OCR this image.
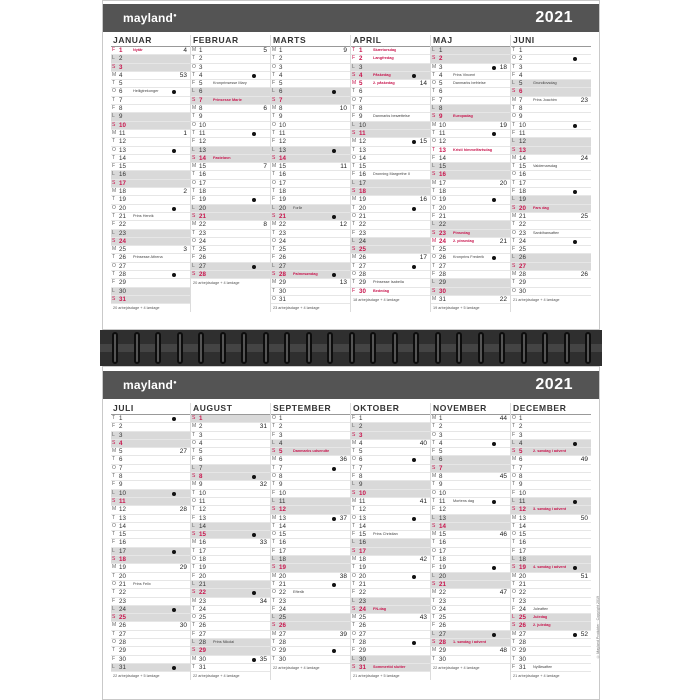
mayland●	2021
JANUAR
F 1	Nytår	4
L 2
S 3
M 4	53
T 5
O 6	Helligtrekonger
T 7
F 8
L 9
S 10
M 11	1
T 12
O 13
T 14
F 15
L 16
S 17
M 18	2
T 19
O 20
T 21 Prins Henrik
F 22
L 23
S 24
M 25	3
T 26 Prinsesse Athena
O 27
T 28
F 29
L 30
S 31
20 arbejdsdage + 4 lørdage
FEBRUAR
M 1	5
T 2
O 3
T 4
F 5	Kronprinsesse Mary
L 6
S 7	Prinsesse Marie
M 8	6
T 9
O 10
T 11
F 12
L 13
S 14 Fastelavn
M 15	7
T 16
O 17
T 18
F 19
L 20
S 21
M 22	8
T 23
O 24
T 25
F 26
L 27
S 28
20 arbejdsdage + 4 lørdage
MARTS
M 1	9
T 2
O 3
T 4
F 5
L 6
S 7
M 8	10
T 9
O 10
T 11
F 12
L 13
S 14
M 15	11
T 16
O 17
T 18
F 19
L 20 Forår
S 21
M 22	12
T 23
O 24
T 25
F 26
L 27
S 28 Palmesøndag
M 29	13
T 30
O 31
23 arbejdsdage + 4 lørdage
APRIL
T 1	Skærtorsdag
F 2	Langfredag
L 3
S 4	Påskedag
M 5	2. påskedag	14
T 6
O 7
T 8
F 9	Danmarks besættelse
L 10
S 11
M 12	15
T 13
O 14
T 15
F 16 Dronning Margrethe II
L 17
S 18
M 19	16
T 20
O 21
T 22
F 23
L 24
S 25
M 26	17
T 27
O 28
T 29 Prinsesse Isabella
F 30 Bededag
18 arbejdsdage + 4 lørdage
MAJ
L 1
S 2
M 3	18
T 4	Prins Vincent
O 5	Danmarks befrielse
T 6
F 7
L 8
S 9	Europadag
M 10	19
T 11
O 12
T 13 Kristi himmelfartsdag
F 14
L 15
S 16
M 17	20
T 18
O 19
T 20
F 21
L 22
S 23 Pinsedag
M 24 2. pinsedag	21
T 25
O 26 Kronprins Frederik
T 27
F 28
L 29
S 30
M 31	22
19 arbejdsdage + 5 lørdage
JUNI
T 1
O 2
T 3
F 4
L 5	Grundlovsdag
S 6
M 7	Prins Joachim	23
T 8
O 9
T 10
F 11
L 12
S 13
M 14	24
T 15 Valdemarsdag
O 16
T 17
F 18
L 19
S 20 Fars dag
M 21	25
T 22
O 23 Sankthansaften
T 24
F 25
L 26
S 27
M 28	26
T 29
O 30
21 arbejdsdage + 4 lørdage
mayland●	2021
JULI
T 1
F 2
L 3
S 4
M 5	27
T 6
O 7
T 8
F 9
L 10
S 11
M 12	28
T 13
O 14
T 15
F 16
L 17
S 18
M 19	29
T 20
O 21 Prins Felix
T 22
F 23
L 24
S 25
M 26	30
T 27
O 28
T 29
F 30
L 31
22 arbejdsdage + 5 lørdage
AUGUST
S 1
M 2	31
T 3
O 4
T 5
F 6
L 7
S 8
M 9	32
T 10
O 11
T 12
F 13
L 14
S 15
M 16	33
T 17
O 18
T 19
F 20
L 21
S 22
M 23	34
T 24
O 25
T 26
F 27
L 28 Prins Nikolai
S 29
M 30	35
T 31
22 arbejdsdage + 4 lørdage
SEPTEMBER
O 1
T 2
F 3
L 4
S 5	Danmarks udsendte
M 6	36
T 7
O 8
T 9
F 10
L 11
S 12
M 13	37
T 14
O 15
T 16
F 17
L 18
S 19
M 20	38
T 21
O 22 Efterår
T 23
F 24
L 25
S 26
M 27	39
T 28
O 29
T 30
22 arbejdsdage + 4 lørdage
OKTOBER
F 1
L 2
S 3
M 4	40
T 5
O 6
T 7
F 8
L 9
S 10
M 11	41
T 12
O 13
T 14
F 15 Prins Christian
L 16
S 17
M 18	42
T 19
O 20
T 21
F 22
L 23
S 24 FN-dag
M 25	43
T 26
O 27
T 28
F 29
L 30
S 31 Sommertid slutter
21 arbejdsdage + 5 lørdage
NOVEMBER
M 1	44
T 2
O 3
T 4
F 5
L 6
S 7
M 8	45
T 9
O 10
T 11 Mortens dag
F 12
L 13
S 14
M 15	46
T 16
O 17
T 18
F 19
L 20
S 21
M 22	47
T 23
O 24
T 25
F 26
L 27
S 28 1. søndag i advent
M 29	48
T 30
22 arbejdsdage + 4 lørdage
DECEMBER
O 1
T 2
F 3
L 4
S 5	2. søndag i advent
M 6	49
T 7
O 8
T 9
F 10
L 11
S 12 3. søndag i advent
M 13	50
T 14
O 15
T 16
F 17
L 18
S 19 4. søndag i advent
M 20	51
T 21
O 22
T 23
F 24 Juleaften
L 25 Juledag
S 26 2. juledag
M 27	52
T 28
O 29
T 30
F 31 Nytårsaften
21 arbejdsdage + 4 lørdage
© Mayland Produkter · Copyright 2019
